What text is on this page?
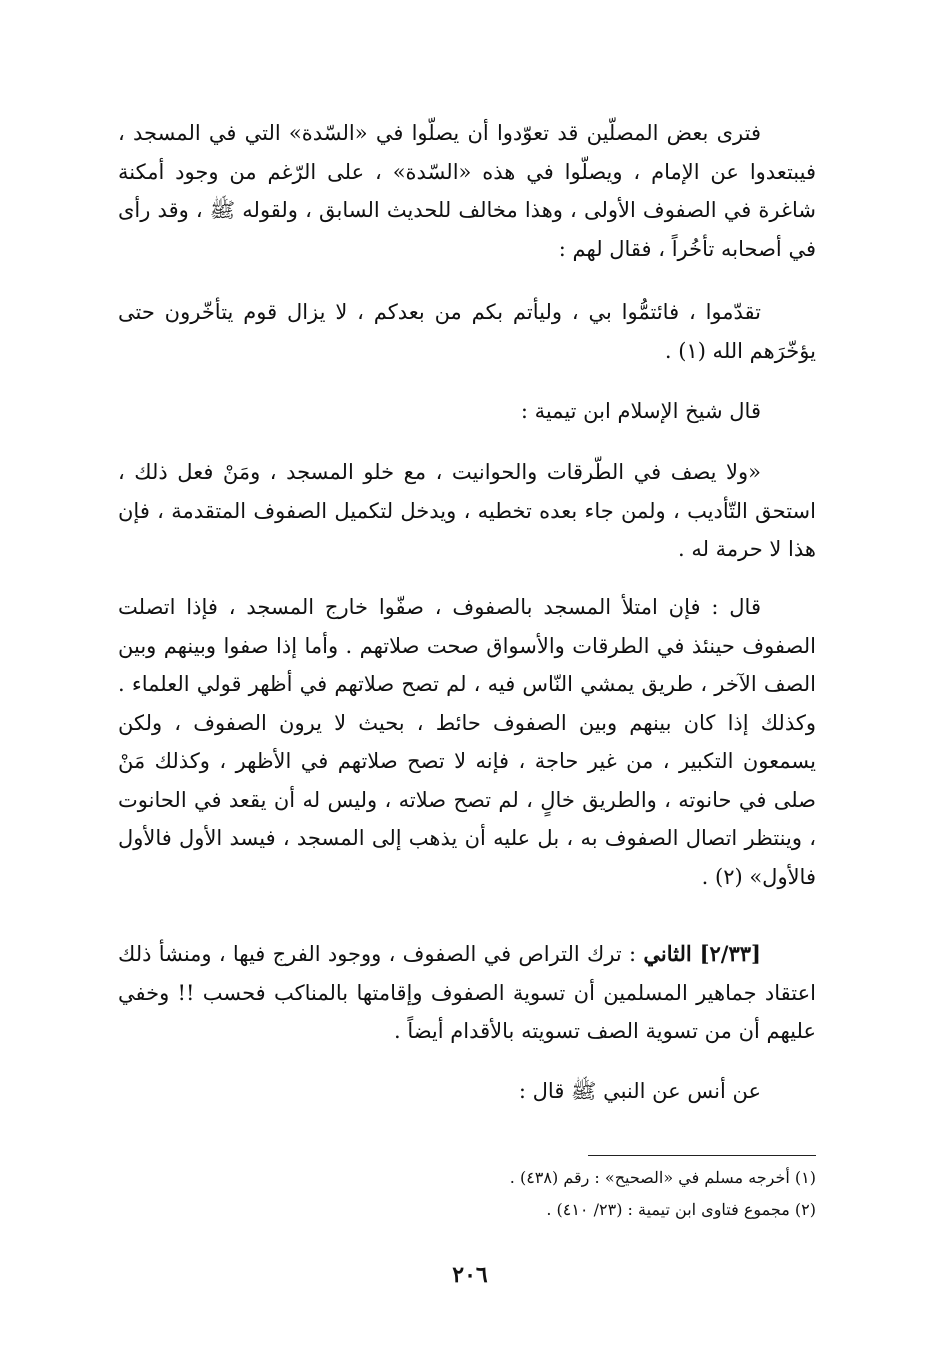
فترى بعض المصلّين قد تعوّدوا أن يصلّوا في «السّدة» التي في المسجد ، فيبتعدوا عن الإمام ، ويصلّوا في هذه «السّدة» ، على الرّغم من وجود أمكنة شاغرة في الصفوف الأولى ، وهذا مخالف للحديث السابق ، ولقوله ﷺ ، وقد رأى في أصحابه تأخُراً ، فقال لهم :

تقدّموا ، فائتمُّوا بي ، وليأتم بكم من بعدكم ، لا يزال قوم يتأخّرون حتى يؤخّرَهم الله (١) .

قال شيخ الإسلام ابن تيمية :

«ولا يصف في الطّرقات والحوانيت ، مع خلو المسجد ، ومَنْ فعل ذلك ، استحق التّأديب ، ولمن جاء بعده تخطيه ، ويدخل لتكميل الصفوف المتقدمة ، فإن هذا لا حرمة له .

قال : فإن امتلأ المسجد بالصفوف ، صفّوا خارج المسجد ، فإذا اتصلت الصفوف حينئذ في الطرقات والأسواق صحت صلاتهم . وأما إذا صفوا وبينهم وبين الصف الآخر ، طريق يمشي النّاس فيه ، لم تصح صلاتهم في أظهر قولي العلماء . وكذلك إذا كان بينهم وبين الصفوف حائط ، بحيث لا يرون الصفوف ، ولكن يسمعون التكبير ، من غير حاجة ، فإنه لا تصح صلاتهم في الأظهر ، وكذلك مَنْ صلى في حانوته ، والطريق خالٍ ، لم تصح صلاته ، وليس له أن يقعد في الحانوت ، وينتظر اتصال الصفوف به ، بل عليه أن يذهب إلى المسجد ، فيسد الأول فالأول فالأول» (٢) .

[٢/٣٣] الثاني : ترك التراص في الصفوف ، ووجود الفرج فيها ، ومنشأ ذلك اعتقاد جماهير المسلمين أن تسوية الصفوف وإقامتها بالمناكب فحسب !! وخفي عليهم أن من تسوية الصف تسويته بالأقدام أيضاً .

عن أنس عن النبي ﷺ قال :

(١) أخرجه مسلم في «الصحيح» : رقم (٤٣٨) .
(٢) مجموع فتاوى ابن تيمية : (٢٣/ ٤١٠) .
٢٠٦
